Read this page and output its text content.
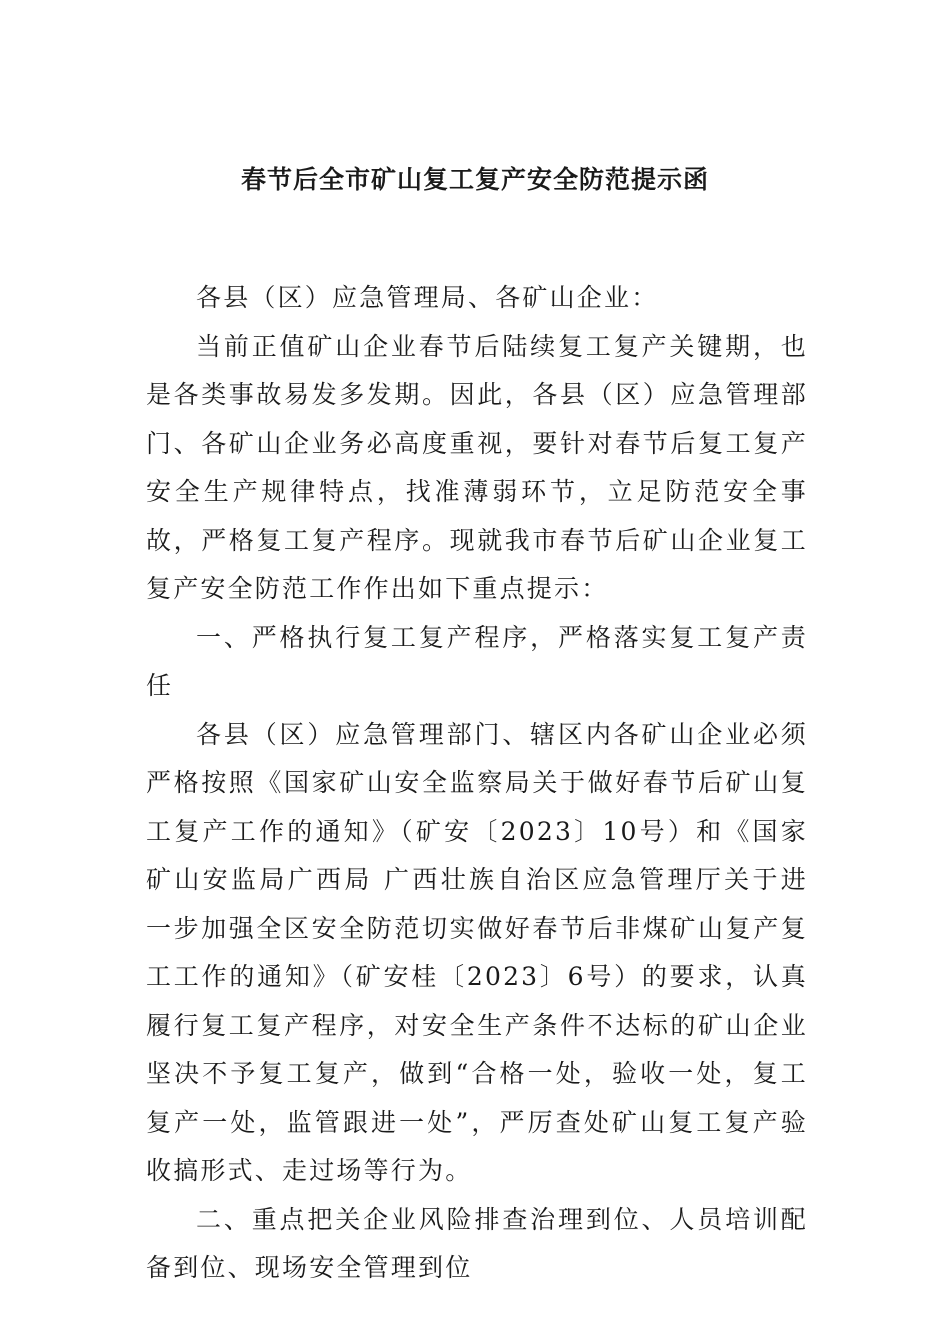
春节后全市矿山复工复产安全防范提示函

各县（区）应急管理局、各矿山企业：

当前正值矿山企业春节后陆续复工复产关键期，也是各类事故易发多发期。因此，各县（区）应急管理部门、各矿山企业务必高度重视，要针对春节后复工复产安全生产规律特点，找准薄弱环节，立足防范安全事故，严格复工复产程序。现就我市春节后矿山企业复工复产安全防范工作作出如下重点提示：

一、严格执行复工复产程序，严格落实复工复产责任

各县（区）应急管理部门、辖区内各矿山企业必须严格按照《国家矿山安全监察局关于做好春节后矿山复工复产工作的通知》（矿安〔2023〕10号）和《国家矿山安监局广西局 广西壮族自治区应急管理厅关于进一步加强全区安全防范切实做好春节后非煤矿山复产复工工作的通知》（矿安桂〔2023〕6号）的要求，认真履行复工复产程序，对安全生产条件不达标的矿山企业坚决不予复工复产，做到“合格一处，验收一处，复工复产一处，监管跟进一处”，严厉查处矿山复工复产验收搞形式、走过场等行为。

二、重点把关企业风险排查治理到位、人员培训配备到位、现场安全管理到位
